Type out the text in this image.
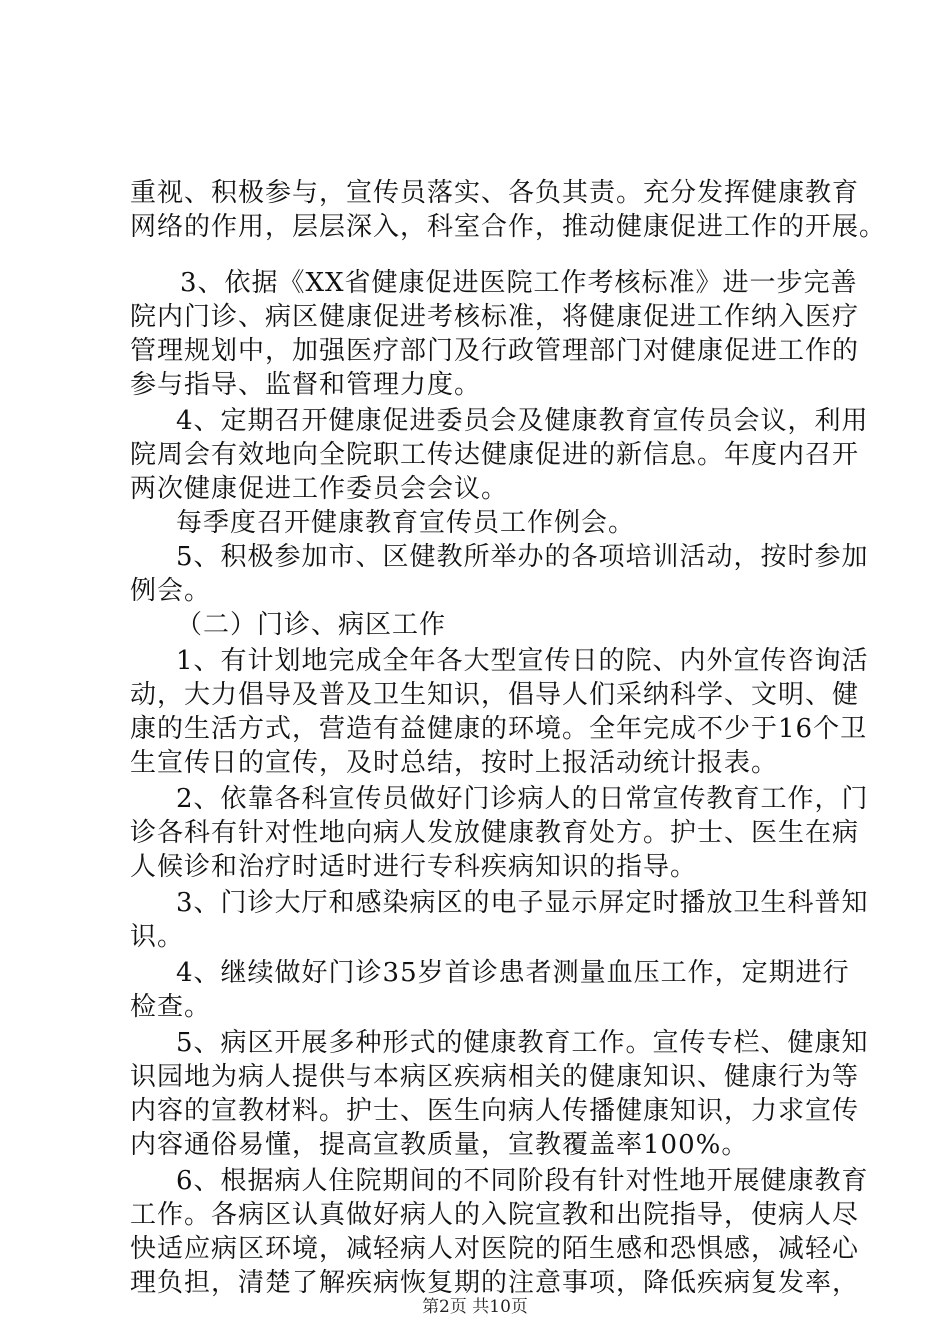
重视、积极参与，宣传员落实、各负其责。充分发挥健康教育
网络的作用，层层深入，科室合作，推动健康促进工作的开展。
3、依据《XX省健康促进医院工作考核标准》进一步完善
院内门诊、病区健康促进考核标准，将健康促进工作纳入医疗
管理规划中，加强医疗部门及行政管理部门对健康促进工作的
参与指导、监督和管理力度。
4、定期召开健康促进委员会及健康教育宣传员会议，利用
院周会有效地向全院职工传达健康促进的新信息。年度内召开
两次健康促进工作委员会会议。
每季度召开健康教育宣传员工作例会。
5、积极参加市、区健教所举办的各项培训活动，按时参加
例会。
（二）门诊、病区工作
1、有计划地完成全年各大型宣传日的院、内外宣传咨询活
动，大力倡导及普及卫生知识，倡导人们采纳科学、文明、健
康的生活方式，营造有益健康的环境。全年完成不少于16个卫
生宣传日的宣传，及时总结，按时上报活动统计报表。
2、依靠各科宣传员做好门诊病人的日常宣传教育工作，门
诊各科有针对性地向病人发放健康教育处方。护士、医生在病
人候诊和治疗时适时进行专科疾病知识的指导。
3、门诊大厅和感染病区的电子显示屏定时播放卫生科普知
识。
4、继续做好门诊35岁首诊患者测量血压工作，定期进行
检查。
5、病区开展多种形式的健康教育工作。宣传专栏、健康知
识园地为病人提供与本病区疾病相关的健康知识、健康行为等
内容的宣教材料。护士、医生向病人传播健康知识，力求宣传
内容通俗易懂，提高宣教质量，宣教覆盖率100%。
6、根据病人住院期间的不同阶段有针对性地开展健康教育
工作。各病区认真做好病人的入院宣教和出院指导，使病人尽
快适应病区环境，减轻病人对医院的陌生感和恐惧感，减轻心
理负担，清楚了解疾病恢复期的注意事项，降低疾病复发率，
第2页 共10页
